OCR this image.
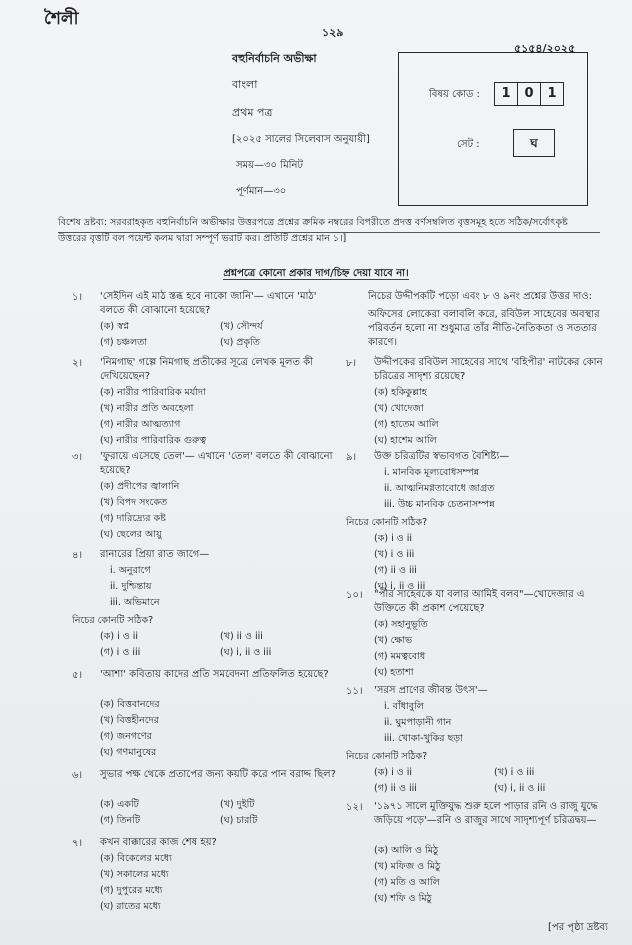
শৈলী
১২৯
৫১৫৪/২০২৫
বহুনির্বাচনি অভীক্ষা
বাংলা
প্রথম পত্র
[২০২৫ সালের সিলেবাস অনুযায়ী]
সময়—৩০ মিনিট
পূর্ণমান—৩০
বিষয় কোড :	1	0	1
সেট :	ঘ
বিশেষ দ্রষ্টব্য: সরবরাহকৃত বহুনির্বাচনি অভীক্ষার উত্তরপত্রে প্রশ্নের ক্রমিক নম্বরের বিপরীতে প্রদত্ত বর্ণসম্বলিত বৃত্তসমূহ হতে সঠিক/সর্বোৎকৃষ্ট উত্তরের বৃত্তটি বল পয়েন্ট কলম দ্বারা সম্পূর্ণ ভরাট কর। প্রতিটি প্রশ্নের মান ১।]
প্রশ্নপত্রে কোনো প্রকার দাগ/চিহ্ন দেয়া যাবে না।
১। 'সেইদিন এই মাঠ স্তব্ধ হবে নাকো জানি'— এখানে 'মাঠ' বলতে কী বোঝানো হয়েছে?
(ক) স্বপ্ন	(খ) সৌন্দর্য
(গ) চঞ্চলতা	(ঘ) প্রকৃতি
২। 'নিমগাছ' গল্পে নিমগাছ প্রতীকের সূত্রে লেখক মূলত কী দেখিয়েছেন?
(ক) নারীর পারিবারিক মর্যাদা
(খ) নারীর প্রতি অবহেলা
(গ) নারীর আত্মত্যাগ
(ঘ) নারীর পারিবারিক গুরুত্ব
৩। 'ফুরায়ে এসেছে তেল'— এখানে 'তেল' বলতে কী বোঝানো হয়েছে?
(ক) প্রদীপের জ্বালানি
(খ) বিপদ সংকেত
(গ) দারিদ্র্যের কষ্ট
(ঘ) ছেলের আয়ু
৪। রানারের প্রিয়া রাত জাগে—
i. অনুরাগে
ii. দুশ্চিন্তায়
iii. অভিমানে
নিচের কোনটি সঠিক?
(ক) i ও ii	(খ) ii ও iii
(গ) i ও iii	(ঘ) i, ii ও iii
৫। 'আশা' কবিতায় কাদের প্রতি সমবেদনা প্রতিফলিত হয়েছে?
(ক) বিত্তবানদের
(খ) বিত্তহীনদের
(গ) জনগণের
(ঘ) গণমানুষের
৬। সুভার পক্ষ থেকে প্রতাপের জন্য কয়টি করে পান বরাদ্দ ছিল?
(ক) একটি	(খ) দুইটি
(গ) তিনটি	(ঘ) চারটি
৭। কখন বাক্কারের কাজ শেষ হয়?
(ক) বিকেলের মধ্যে
(খ) সকালের মধ্যে
(গ) দুপুরের মধ্যে
(ঘ) রাতের মধ্যে
নিচের উদ্দীপকটি পড়ো এবং ৮ ও ৯নং প্রশ্নের উত্তর দাও:
অফিসের লোকেরা বলাবলি করে, রবিউল সাহেবের অবস্থার পরিবর্তন হলো না শুধুমাত্র তাঁর নীতি-নৈতিকতা ও সততার কারণে।
৮। উদ্দীপকের রবিউল সাহেবের সাথে 'বহিপীর' নাটকের কোন চরিত্রের সাদৃশ্য রয়েছে?
(ক) হকিকুল্লাহ
(খ) খোদেজা
(গ) হাতেম আলি
(ঘ) হাশেম আলি
৯। উক্ত চরিত্রটির স্বভাবগত বৈশিষ্ট্য—
i. মানবিক মূল্যবোধসম্পন্ন
ii. আত্মনিমগ্নতাবোধে জাগ্রত
iii. উচ্চ মানবিক চেতনাসম্পন্ন
নিচের কোনটি সঠিক?
(ক) i ও ii
(খ) i ও iii
(গ) ii ও iii
(ঘ) i, ii ও iii
১০। "পীর সাহেবকে যা বলার আমিই বলব"—খোদেজার এ উক্তিতে কী প্রকাশ পেয়েছে?
(ক) সহানুভূতি
(খ) ক্ষোভ
(গ) মমত্ববোধ
(ঘ) হতাশা
১১। 'সরস প্রাণের জীবন্ত উৎস'—
i. বাঁধাবুলি
ii. ঘুমপাড়ানী গান
iii. খোকা-খুকির ছড়া
নিচের কোনটি সঠিক?
(ক) i ও ii	(খ) i ও iii
(গ) ii ও iii	(ঘ) i, ii ও iii
১২। '১৯৭১ সালে মুক্তিযুদ্ধ শুরু হলে পাড়ার রনি ও রাজু যুদ্ধে জড়িয়ে পড়ে'—রনি ও রাজুর সাথে সাদৃশ্যপূর্ণ চরিত্রদ্বয়—
(ক) আলি ও মিঠু
(খ) মফিজ ও মিঠু
(গ) মতি ও আলি
(ঘ) শফি ও মিঠু
[পর পৃষ্ঠা দ্রষ্টব্য
